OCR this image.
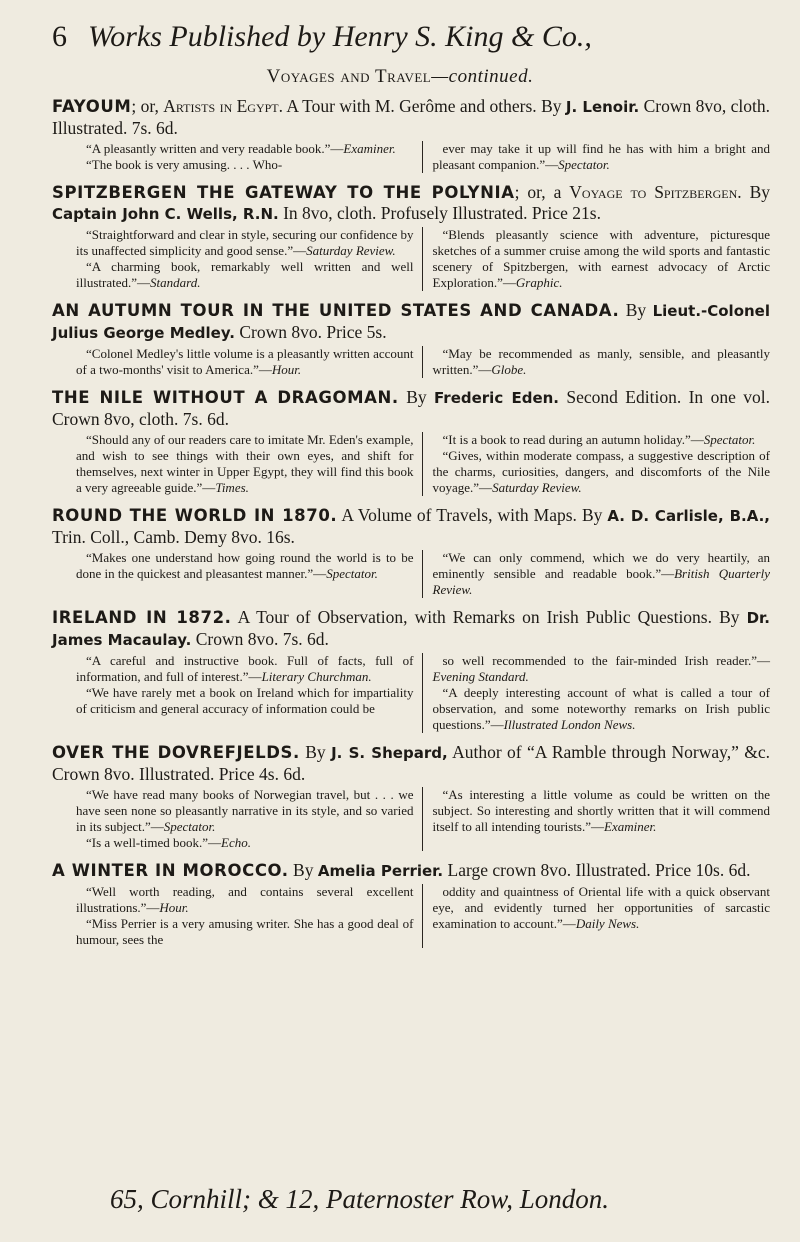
6 Works Published by Henry S. King & Co.,
Voyages and Travel—continued.
FAYOUM; or, Artists in Egypt. A Tour with M. Gerôme and others. By J. Lenoir. Crown 8vo, cloth. Illustrated. 7s. 6d.

“A pleasantly written and very readable book.”—Examiner.

“The book is very amusing. . . . Who-

ever may take it up will find he has with him a bright and pleasant companion.”—Spectator.

SPITZBERGEN THE GATEWAY TO THE POLYNIA; or, a Voyage to Spitzbergen. By Captain John C. Wells, R.N. In 8vo, cloth. Profusely Illustrated. Price 21s.

“Straightforward and clear in style, securing our confidence by its unaffected simplicity and good sense.”—Saturday Review.

“A charming book, remarkably well written and well illustrated.”—Standard.

“Blends pleasantly science with adventure, picturesque sketches of a summer cruise among the wild sports and fantastic scenery of Spitzbergen, with earnest advocacy of Arctic Exploration.”—Graphic.

AN AUTUMN TOUR IN THE UNITED STATES AND CANADA. By Lieut.-Colonel Julius George Medley. Crown 8vo. Price 5s.

“Colonel Medley's little volume is a pleasantly written account of a two-months' visit to America.”—Hour.

“May be recommended as manly, sensible, and pleasantly written.”—Globe.

THE NILE WITHOUT A DRAGOMAN. By Frederic Eden. Second Edition. In one vol. Crown 8vo, cloth. 7s. 6d.

“Should any of our readers care to imitate Mr. Eden's example, and wish to see things with their own eyes, and shift for themselves, next winter in Upper Egypt, they will find this book a very agreeable guide.”—Times.

“It is a book to read during an autumn holiday.”—Spectator.

“Gives, within moderate compass, a suggestive description of the charms, curiosities, dangers, and discomforts of the Nile voyage.”—Saturday Review.

ROUND THE WORLD IN 1870. A Volume of Travels, with Maps. By A. D. Carlisle, B.A., Trin. Coll., Camb. Demy 8vo. 16s.

“Makes one understand how going round the world is to be done in the quickest and pleasantest manner.”—Spectator.

“We can only commend, which we do very heartily, an eminently sensible and readable book.”—British Quarterly Review.

IRELAND IN 1872. A Tour of Observation, with Remarks on Irish Public Questions. By Dr. James Macaulay. Crown 8vo. 7s. 6d.

“A careful and instructive book. Full of facts, full of information, and full of interest.”—Literary Churchman.

“We have rarely met a book on Ireland which for impartiality of criticism and general accuracy of information could be

so well recommended to the fair-minded Irish reader.”—Evening Standard.

“A deeply interesting account of what is called a tour of observation, and some noteworthy remarks on Irish public questions.”—Illustrated London News.

OVER THE DOVREFJELDS. By J. S. Shepard, Author of “A Ramble through Norway,” &c. Crown 8vo. Illustrated. Price 4s. 6d.

“We have read many books of Norwegian travel, but . . . we have seen none so pleasantly narrative in its style, and so varied in its subject.”—Spectator.

“Is a well-timed book.”—Echo.

“As interesting a little volume as could be written on the subject. So interesting and shortly written that it will commend itself to all intending tourists.”—Examiner.

A WINTER IN MOROCCO. By Amelia Perrier. Large crown 8vo. Illustrated. Price 10s. 6d.

“Well worth reading, and contains several excellent illustrations.”—Hour.

“Miss Perrier is a very amusing writer. She has a good deal of humour, sees the

oddity and quaintness of Oriental life with a quick observant eye, and evidently turned her opportunities of sarcastic examination to account.”—Daily News.

65, Cornhill; & 12, Paternoster Row, London.
